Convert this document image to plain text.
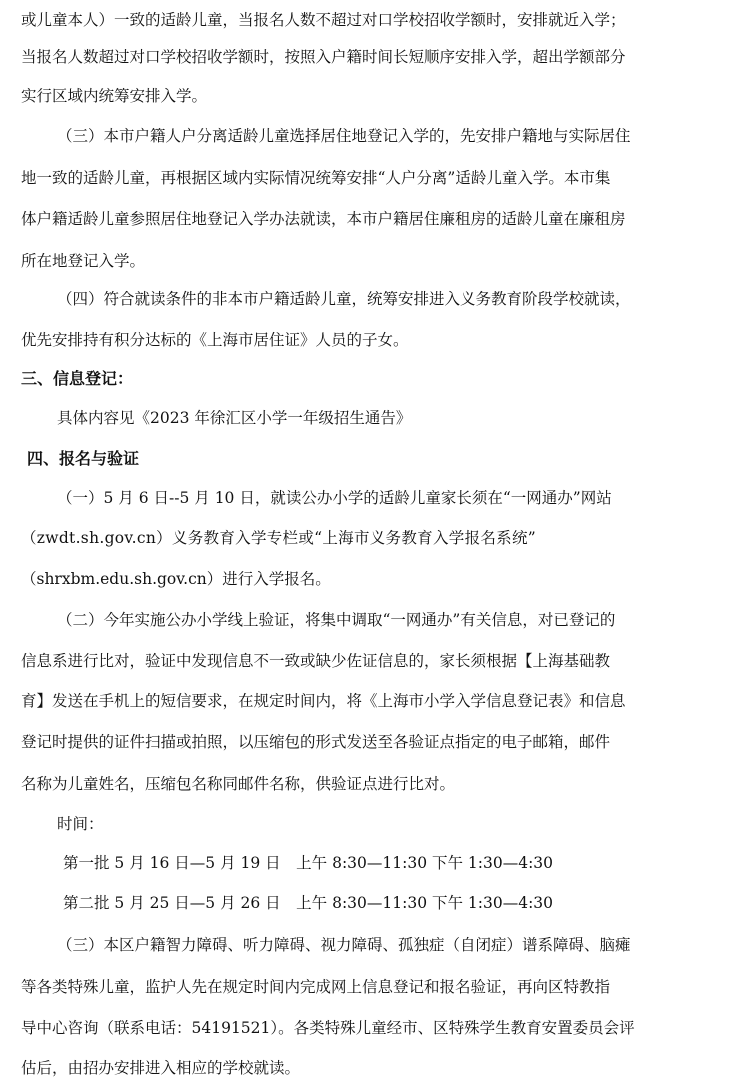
或儿童本人）一致的适龄儿童，当报名人数不超过对口学校招收学额时，安排就近入学；
当报名人数超过对口学校招收学额时，按照入户籍时间长短顺序安排入学，超出学额部分
实行区域内统筹安排入学。
（三）本市户籍人户分离适龄儿童选择居住地登记入学的，先安排户籍地与实际居住
地一致的适龄儿童，再根据区域内实际情况统筹安排“人户分离”适龄儿童入学。本市集
体户籍适龄儿童参照居住地登记入学办法就读，本市户籍居住廉租房的适龄儿童在廉租房
所在地登记入学。
（四）符合就读条件的非本市户籍适龄儿童，统筹安排进入义务教育阶段学校就读，
优先安排持有积分达标的《上海市居住证》人员的子女。
三、信息登记：
具体内容见《2023 年徐汇区小学一年级招生通告》
四、报名与验证
（一）5 月 6 日--5 月 10 日，就读公办小学的适龄儿童家长须在“一网通办”网站
（zwdt.sh.gov.cn）义务教育入学专栏或“上海市义务教育入学报名系统”
（shrxbm.edu.sh.gov.cn）进行入学报名。
（二）今年实施公办小学线上验证，将集中调取“一网通办”有关信息，对已登记的
信息系进行比对，验证中发现信息不一致或缺少佐证信息的，家长须根据【上海基础教
育】发送在手机上的短信要求，在规定时间内，将《上海市小学入学信息登记表》和信息
登记时提供的证件扫描或拍照，以压缩包的形式发送至各验证点指定的电子邮箱，邮件
名称为儿童姓名，压缩包名称同邮件名称，供验证点进行比对。
时间：
第一批 5 月 16 日—5 月 19 日　上午 8:30—11:30 下午 1:30—4:30
第二批 5 月 25 日—5 月 26 日　上午 8:30—11:30 下午 1:30—4:30
（三）本区户籍智力障碍、听力障碍、视力障碍、孤独症（自闭症）谱系障碍、脑瘫
等各类特殊儿童，监护人先在规定时间内完成网上信息登记和报名验证，再向区特教指
导中心咨询（联系电话：54191521）。各类特殊儿童经市、区特殊学生教育安置委员会评
估后，由招办安排进入相应的学校就读。
